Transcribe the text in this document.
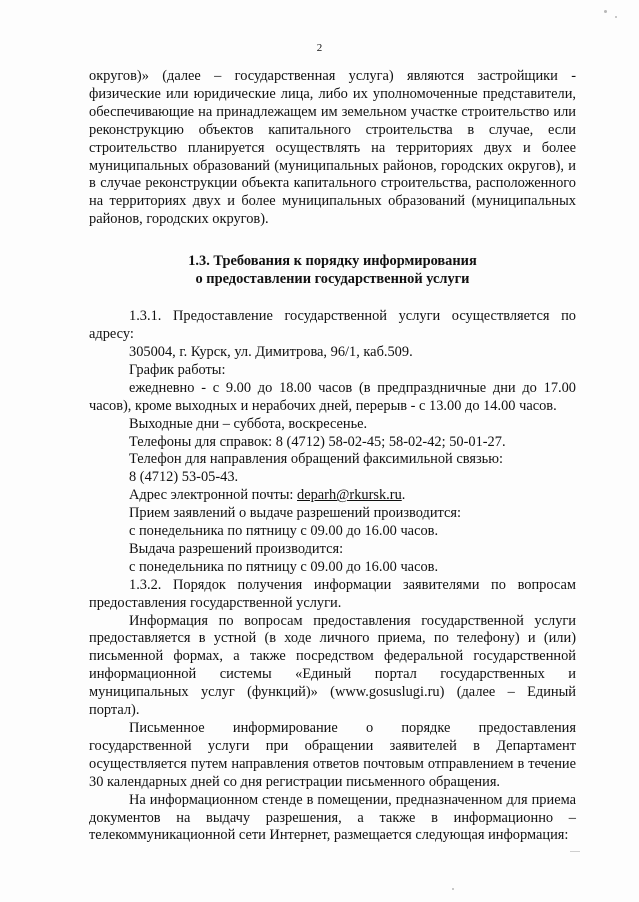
2

округов)» (далее – государственная услуга) являются застройщики - физические или юридические лица, либо их уполномоченные представители, обеспечивающие на принадлежащем им земельном участке строительство или реконструкцию объектов капитального строительства в случае, если строительство планируется осуществлять на территориях двух и более муниципальных образований (муниципальных районов, городских округов), и в случае реконструкции объекта капитального строительства, расположенного на территориях двух и более муниципальных образований (муниципальных районов, городских округов).

1.3. Требования к порядку информирования
о предоставлении государственной услуги

1.3.1. Предоставление государственной услуги осуществляется по адресу:

305004, г. Курск, ул. Димитрова, 96/1, каб.509.

График работы:

ежедневно - с 9.00 до 18.00 часов (в предпраздничные дни до 17.00 часов), кроме выходных и нерабочих дней, перерыв - с 13.00 до 14.00 часов.

Выходные дни – суббота, воскресенье.

Телефоны для справок: 8 (4712) 58-02-45; 58-02-42; 50-01-27.

Телефон для направления обращений факсимильной связью:

8 (4712) 53-05-43.

Адрес электронной почты: deparh@rkursk.ru.

Прием заявлений о выдаче разрешений производится:

с понедельника по пятницу с 09.00 до 16.00 часов.

Выдача разрешений производится:

с понедельника по пятницу с 09.00 до 16.00 часов.

1.3.2. Порядок получения информации заявителями по вопросам предоставления государственной услуги.

Информация по вопросам предоставления государственной услуги предоставляется в устной (в ходе личного приема, по телефону) и (или) письменной формах, а также посредством федеральной государственной информационной системы «Единый портал государственных и муниципальных услуг (функций)» (www.gosuslugi.ru) (далее – Единый портал).

Письменное информирование о порядке предоставления государственной услуги при обращении заявителей в Департамент осуществляется путем направления ответов почтовым отправлением в течение 30 календарных дней со дня регистрации письменного обращения.

На информационном стенде в помещении, предназначенном для приема документов на выдачу разрешения, а также в информационно – телекоммуникационной сети Интернет, размещается следующая информация:
